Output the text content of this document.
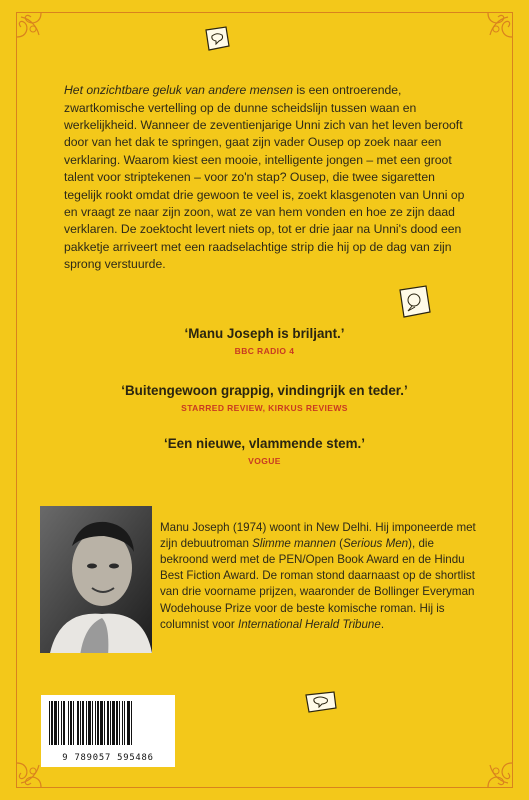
Het onzichtbare geluk van andere mensen is een ontroerende, zwartkomische vertelling op de dunne scheidslijn tussen waan en werkelijkheid. Wanneer de zeventienjarige Unni zich van het leven berooft door van het dak te springen, gaat zijn vader Ousep op zoek naar een verklaring. Waarom kiest een mooie, intelligente jongen – met een groot talent voor striptekenen – voor zo'n stap? Ousep, die twee sigaretten tegelijk rookt omdat drie gewoon te veel is, zoekt klasgenoten van Unni op en vraagt ze naar zijn zoon, wat ze van hem vonden en hoe ze zijn daad verklaren. De zoektocht levert niets op, tot er drie jaar na Unni's dood een pakketje arriveert met een raadselachtige strip die hij op de dag van zijn sprong verstuurde.

‘Manu Joseph is briljant.’
BBC RADIO 4
‘Buitengewoon grappig, vindingrijk en teder.’
STARRED REVIEW, KIRKUS REVIEWS
‘Een nieuwe, vlammende stem.’
VOGUE

Manu Joseph (1974) woont in New Delhi. Hij imponeerde met zijn debuutroman Slimme mannen (Serious Men), die bekroond werd met de PEN/Open Book Award en de Hindu Best Fiction Award. De roman stond daarnaast op de shortlist van drie voorname prijzen, waaronder de Bollinger Everyman Wodehouse Prize voor de beste komische roman. Hij is columnist voor International Herald Tribune.

9 789057 595486
